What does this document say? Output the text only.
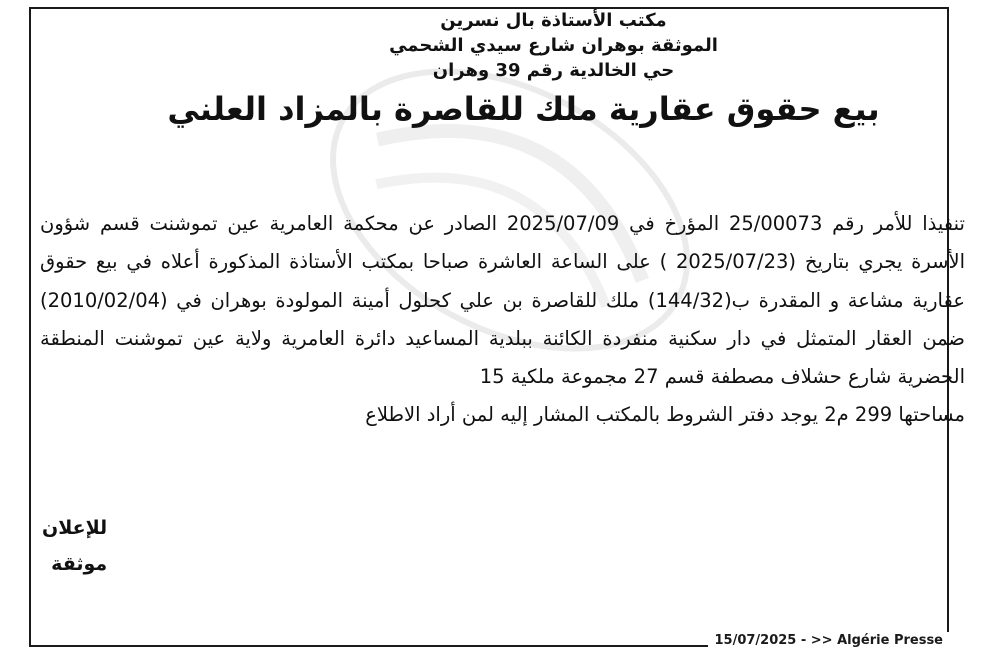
مكتب الأستاذة بال نسرين
الموثقة بوهران شارع سيدي الشحمي
حي الخالدية رقم 39 وهران
بيع حقوق عقارية ملك للقاصرة بالمزاد العلني

تنفيذا للأمر رقم 25/00073 المؤرخ في 2025/07/09 الصادر عن محكمة العامرية عين تموشنت قسم شؤون الأسرة يجري بتاريخ (2025/07/23 ) على الساعة العاشرة صباحا بمكتب الأستاذة المذكورة أعلاه في بيع حقوق عقارية مشاعة و المقدرة ب(144/32) ملك للقاصرة بن علي كحلول أمينة المولودة بوهران في (2010/02/04) ضمن العقار المتمثل في دار سكنية منفردة الكائنة ببلدية المساعيد دائرة العامرية ولاية عين تموشنت المنطقة الحضرية شارع حشلاف مصطفة قسم 27 مجموعة ملكية 15

مساحتها 299 م2 يوجد دفتر الشروط بالمكتب المشار إليه لمن أراد الاطلاع

للإعلان
موثقة
15/07/2025 - >> Algérie Presse
